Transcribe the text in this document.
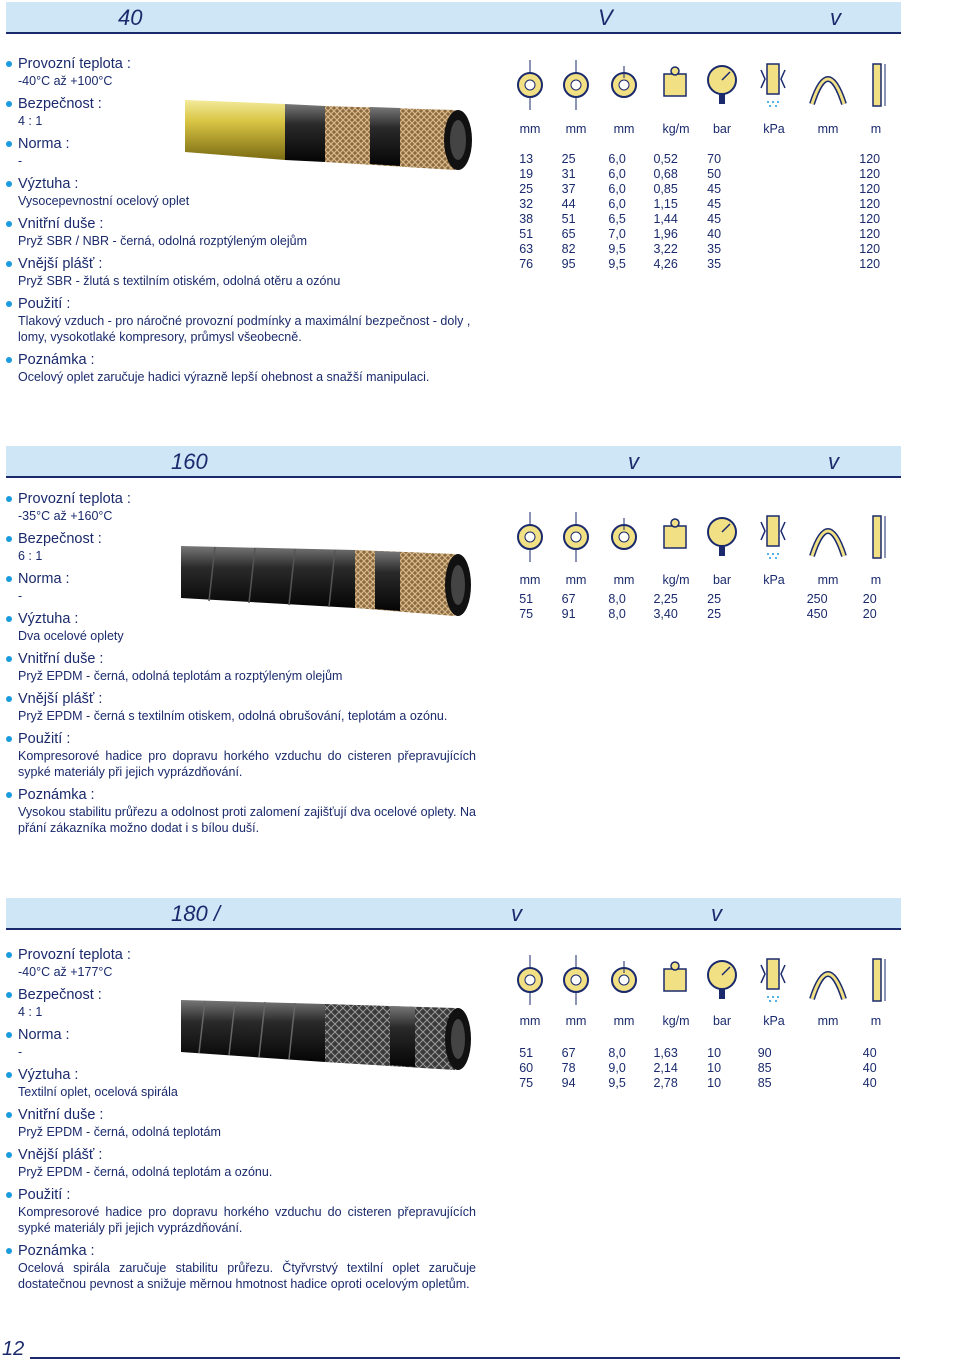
40	V	v
Provozní teplota :
-40°C až +100°C
Bezpečnost :
4 : 1
Norma :
-
Výztuha :
Vysocepevnostní ocelový oplet
Vnitřní duše :
Pryž SBR / NBR - černá, odolná rozptýleným olejům
Vnější plášť :
Pryž SBR - žlutá s textilním otiském, odolná otěru a ozónu
Použití :
Tlakový vzduch - pro náročné provozní podmínky a maximální bezpečnost - doly , lomy, vysokotlaké kompresory, průmysl všeobecně.
Poznámka :
Ocelový oplet zaručuje hadici výrazně lepší ohebnost a snažší manipulaci.
mm	mm	mm	kg/m	bar	kPa	mm	m
13	25	6,0	0,52	70			120
19	31	6,0	0,68	50			120
25	37	6,0	0,85	45			120
32	44	6,0	1,15	45			120
38	51	6,5	1,44	45			120
51	65	7,0	1,96	40			120
63	82	9,5	3,22	35			120
76	95	9,5	4,26	35			120
160	v	v
Provozní teplota :
-35°C až +160°C
Bezpečnost :
6 : 1
Norma :
-
Výztuha :
Dva ocelové oplety
Vnitřní duše :
Pryž EPDM - černá, odolná teplotám a rozptýleným olejům
Vnější plášť :
Pryž EPDM - černá s textilním otiskem, odolná obrušování, teplotám a ozónu.
Použití :
Kompresorové hadice pro dopravu horkého vzduchu do cisteren přepravujících sypké materiály při jejich vyprázdňování.
Poznámka :
Vysokou stabilitu průřezu a odolnost proti zalomení zajišťují dva ocelové oplety. Na přání zákazníka možno dodat i s bílou duší.
mm	mm	mm	kg/m	bar	kPa	mm	m
51	67	8,0	2,25	25		250	20
75	91	8,0	3,40	25		450	20
180 /	v	v
Provozní teplota :
-40°C až +177°C
Bezpečnost :
4 : 1
Norma :
-
Výztuha :
Textilní oplet, ocelová spirála
Vnitřní duše :
Pryž EPDM - černá, odolná teplotám
Vnější plášť :
Pryž EPDM - černá, odolná teplotám a ozónu.
Použití :
Kompresorové hadice pro dopravu horkého vzduchu do cisteren přepravujících sypké materiály při jejich vyprázdňování.
Poznámka :
Ocelová spirála zaručuje stabilitu průřezu. Čtyřvrstvý textilní oplet zaručuje dostatečnou pevnost a snižuje měrnou hmotnost hadice oproti ocelovým opletům.
mm	mm	mm	kg/m	bar	kPa	mm	m
51	67	8,0	1,63	10	90		40
60	78	9,0	2,14	10	85		40
75	94	9,5	2,78	10	85		40
12
